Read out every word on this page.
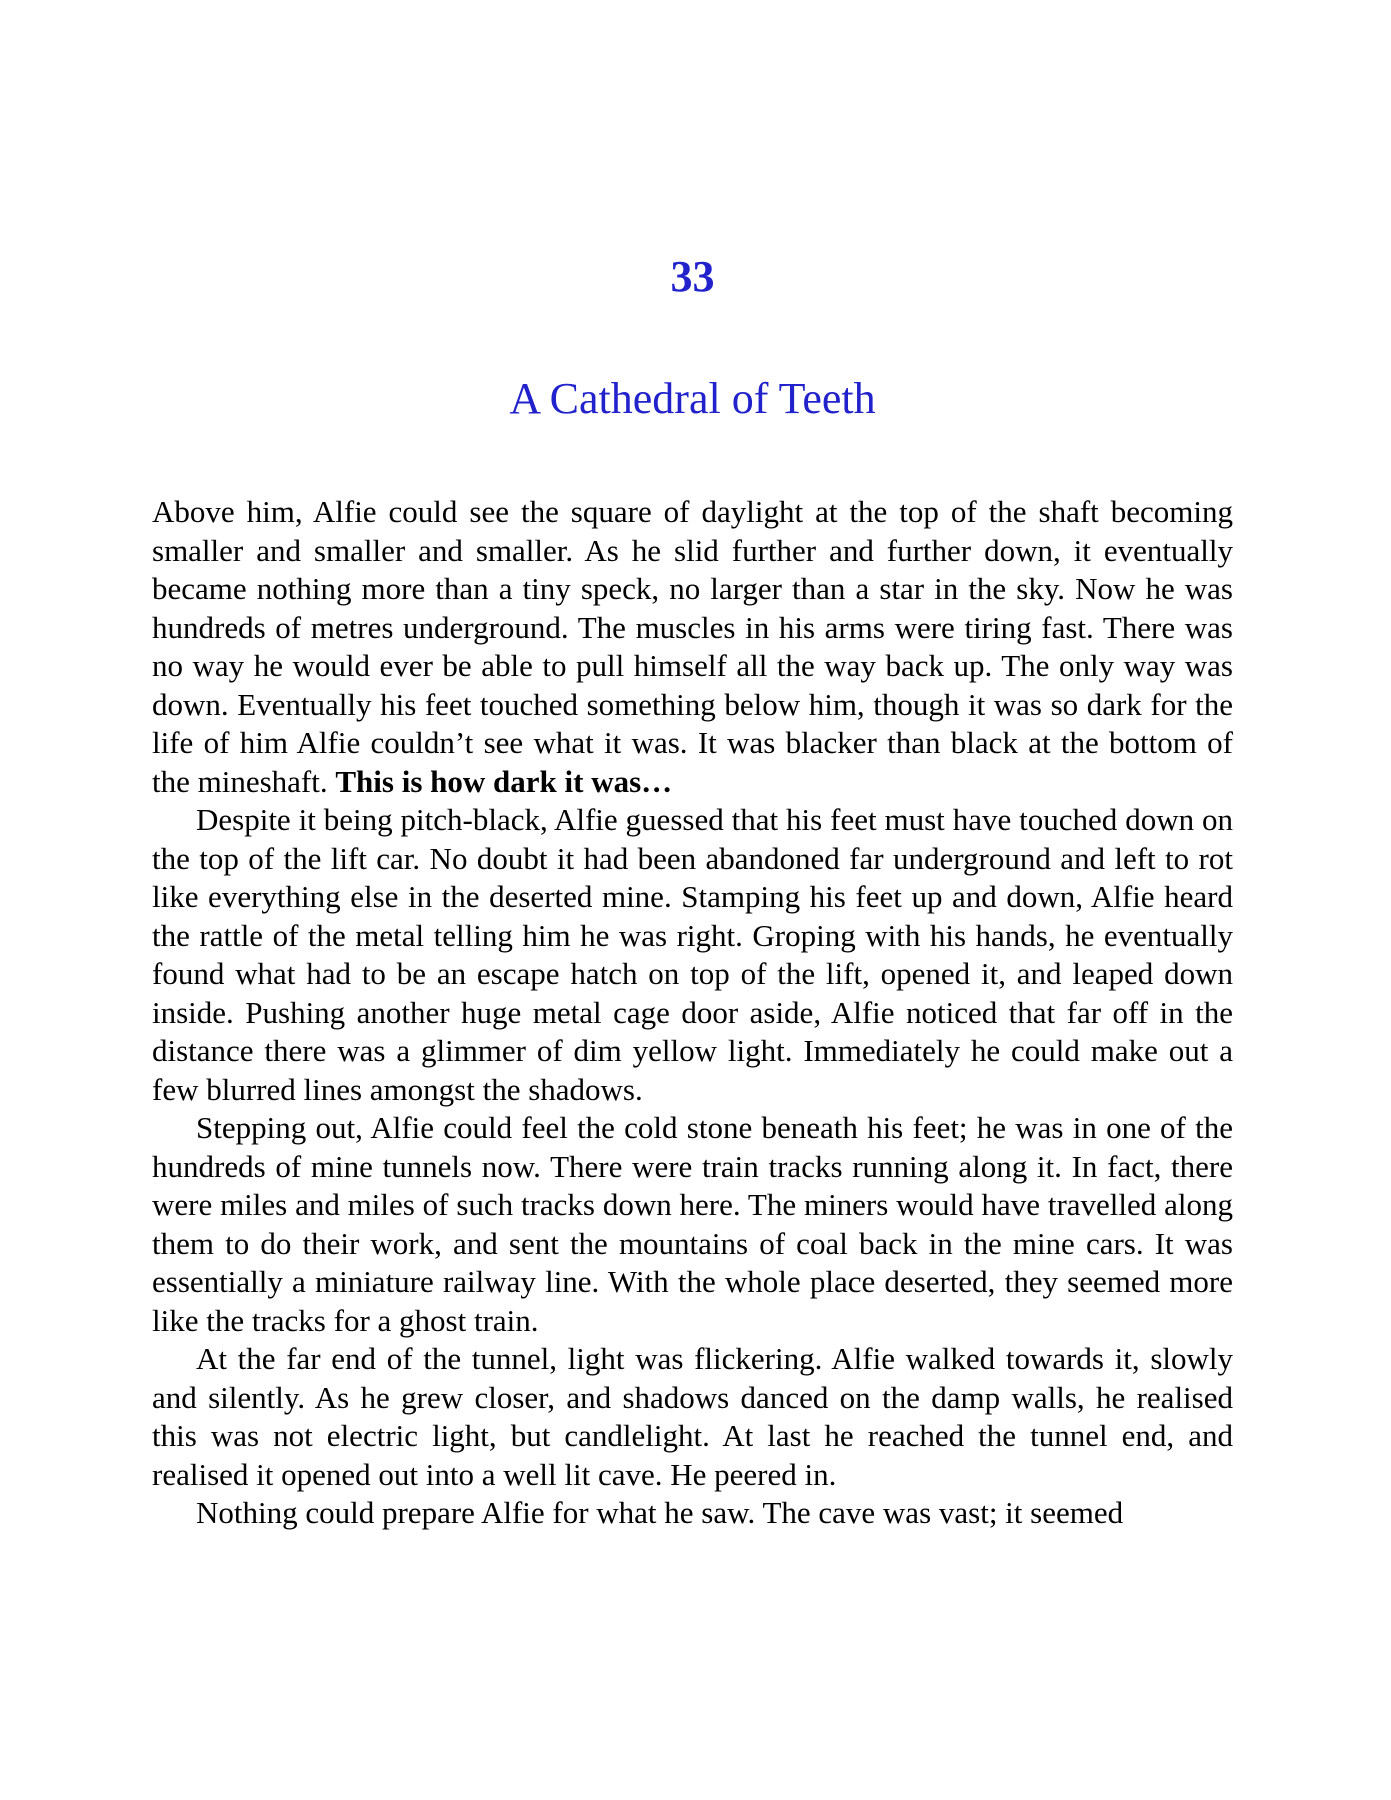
33
A Cathedral of Teeth

Above him, Alfie could see the square of daylight at the top of the shaft becoming smaller and smaller and smaller. As he slid further and further down, it eventually became nothing more than a tiny speck, no larger than a star in the sky. Now he was hundreds of metres underground. The muscles in his arms were tiring fast. There was no way he would ever be able to pull himself all the way back up. The only way was down. Eventually his feet touched something below him, though it was so dark for the life of him Alfie couldn’t see what it was. It was blacker than black at the bottom of the mineshaft. This is how dark it was…

Despite it being pitch-black, Alfie guessed that his feet must have touched down on the top of the lift car. No doubt it had been abandoned far underground and left to rot like everything else in the deserted mine. Stamping his feet up and down, Alfie heard the rattle of the metal telling him he was right. Groping with his hands, he eventually found what had to be an escape hatch on top of the lift, opened it, and leaped down inside. Pushing another huge metal cage door aside, Alfie noticed that far off in the distance there was a glimmer of dim yellow light. Immediately he could make out a few blurred lines amongst the shadows.

Stepping out, Alfie could feel the cold stone beneath his feet; he was in one of the hundreds of mine tunnels now. There were train tracks running along it. In fact, there were miles and miles of such tracks down here. The miners would have travelled along them to do their work, and sent the mountains of coal back in the mine cars. It was essentially a miniature railway line. With the whole place deserted, they seemed more like the tracks for a ghost train.

At the far end of the tunnel, light was flickering. Alfie walked towards it, slowly and silently. As he grew closer, and shadows danced on the damp walls, he realised this was not electric light, but candlelight. At last he reached the tunnel end, and realised it opened out into a well lit cave. He peered in.

Nothing could prepare Alfie for what he saw. The cave was vast; it seemed
